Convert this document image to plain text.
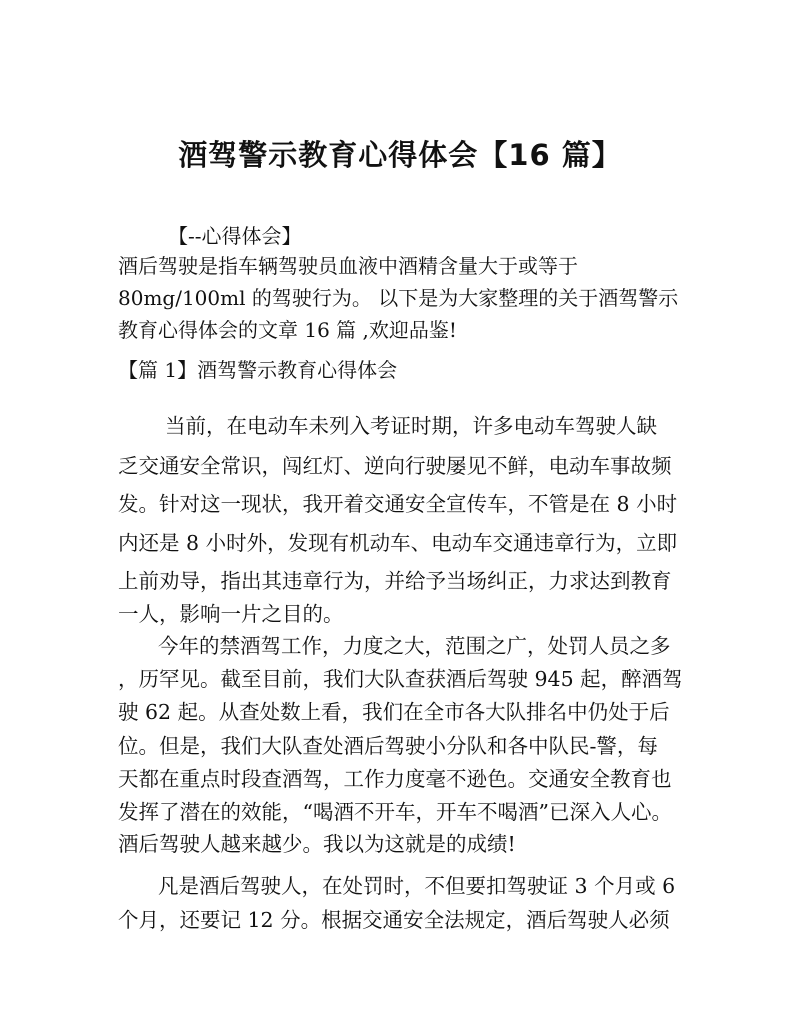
酒驾警示教育心得体会【16 篇】
【--心得体会】
酒后驾驶是指车辆驾驶员血液中酒精含量大于或等于
80mg/100ml 的驾驶行为。 以下是为大家整理的关于酒驾警示
教育心得体会的文章 16 篇 ,欢迎品鉴!
【篇 1】酒驾警示教育心得体会
当前，在电动车未列入考证时期，许多电动车驾驶人缺
乏交通安全常识，闯红灯、逆向行驶屡见不鲜，电动车事故频
发。针对这一现状，我开着交通安全宣传车，不管是在 8 小时
内还是 8 小时外，发现有机动车、电动车交通违章行为，立即
上前劝导，指出其违章行为，并给予当场纠正，力求达到教育
一人，影响一片之目的。
今年的禁酒驾工作，力度之大，范围之广，处罚人员之多
，历罕见。截至目前，我们大队查获酒后驾驶 945 起，醉酒驾
驶 62 起。从查处数上看，我们在全市各大队排名中仍处于后
位。但是，我们大队查处酒后驾驶小分队和各中队民-警，每
天都在重点时段查酒驾，工作力度毫不逊色。交通安全教育也
发挥了潜在的效能，“喝酒不开车，开车不喝酒”已深入人心。
酒后驾驶人越来越少。我以为这就是的成绩!
凡是酒后驾驶人，在处罚时，不但要扣驾驶证 3 个月或 6
个月，还要记 12 分。根据交通安全法规定，酒后驾驶人必须
